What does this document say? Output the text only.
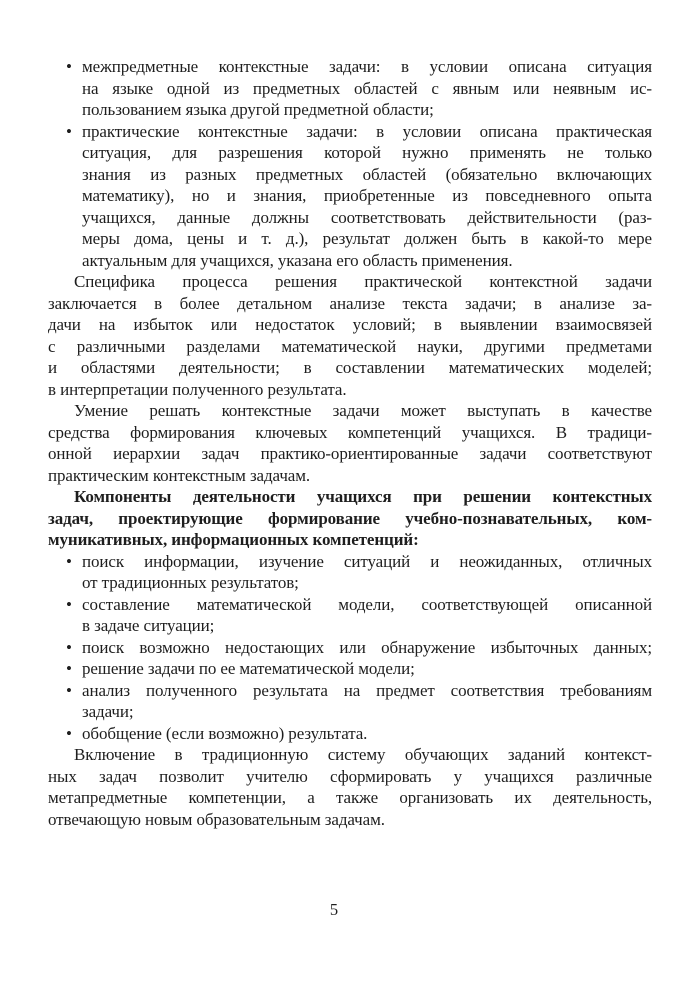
• межпредметные контекстные задачи: в условии описана ситуация
на языке одной из предметных областей с явным или неявным ис-
пользованием языка другой предметной области;
• практические контекстные задачи: в условии описана практическая
ситуация, для разрешения которой нужно применять не только
знания из разных предметных областей (обязательно включающих
математику), но и знания, приобретенные из повседневного опыта
учащихся, данные должны соответствовать действительности (раз-
меры дома, цены и т. д.), результат должен быть в какой-то мере
актуальным для учащихся, указана его область применения.
Специфика процесса решения практической контекстной задачи
заключается в более детальном анализе текста задачи; в анализе за-
дачи на избыток или недостаток условий; в выявлении взаимосвязей
с различными разделами математической науки, другими предметами
и областями деятельности; в составлении математических моделей;
в интерпретации полученного результата.
Умение решать контекстные задачи может выступать в качестве
средства формирования ключевых компетенций учащихся. В традици-
онной иерархии задач практико-ориентированные задачи соответствуют
практическим контекстным задачам.
Компоненты деятельности учащихся при решении контекстных
задач, проектирующие формирование учебно-познавательных, ком-
муникативных, информационных компетенций:
• поиск информации, изучение ситуаций и неожиданных, отличных
от традиционных результатов;
• составление математической модели, соответствующей описанной
в задаче ситуации;
• поиск возможно недостающих или обнаружение избыточных данных;
• решение задачи по ее математической модели;
• анализ полученного результата на предмет соответствия требованиям
задачи;
• обобщение (если возможно) результата.
Включение в традиционную систему обучающих заданий контекст-
ных задач позволит учителю сформировать у учащихся различные
метапредметные компетенции, а также организовать их деятельность,
отвечающую новым образовательным задачам.
5
